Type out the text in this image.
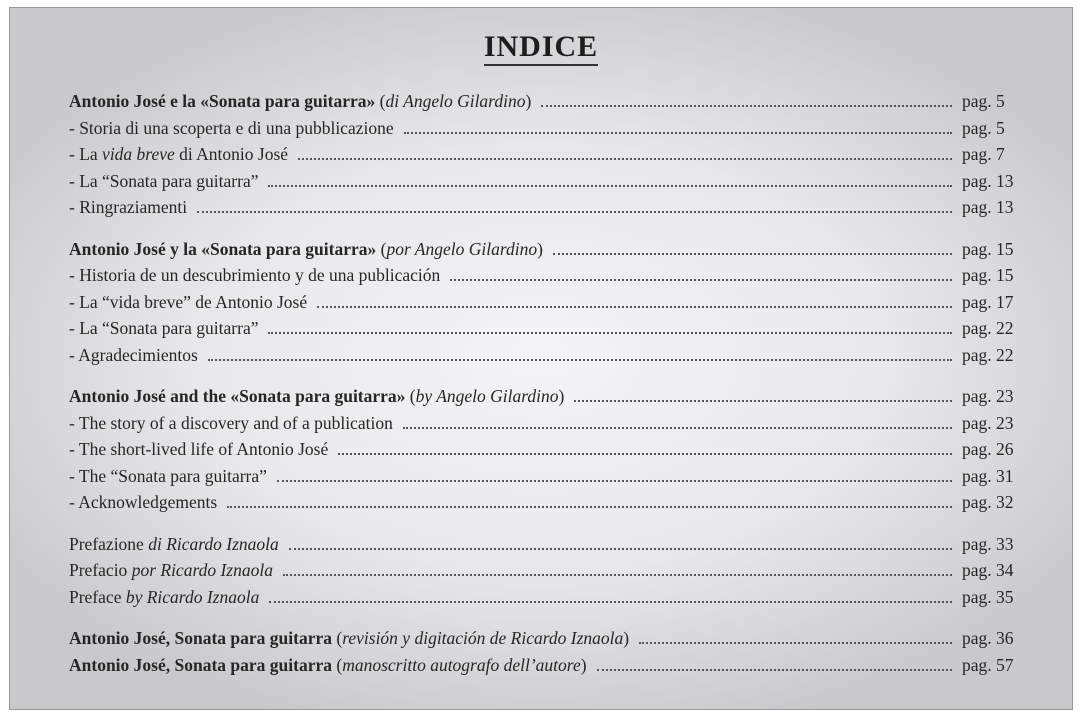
INDICE
Antonio José e la «Sonata para guitarra» (di Angelo Gilardino)	pag. 5
- Storia di una scoperta e di una pubblicazione	pag. 5
- La vida breve di Antonio José	pag. 7
- La “Sonata para guitarra”	pag. 13
- Ringraziamenti	pag. 13
Antonio José y la «Sonata para guitarra» (por Angelo Gilardino)	pag. 15
- Historia de un descubrimiento y de una publicación	pag. 15
- La “vida breve” de Antonio José	pag. 17
- La “Sonata para guitarra”	pag. 22
- Agradecimientos	pag. 22
Antonio José and the «Sonata para guitarra» (by Angelo Gilardino)	pag. 23
- The story of a discovery and of a publication	pag. 23
- The short-lived life of Antonio José	pag. 26
- The “Sonata para guitarra”	pag. 31
- Acknowledgements	pag. 32
Prefazione di Ricardo Iznaola	pag. 33
Prefacio por Ricardo Iznaola	pag. 34
Preface by Ricardo Iznaola	pag. 35
Antonio José, Sonata para guitarra (revisión y digitación de Ricardo Iznaola)	pag. 36
Antonio José, Sonata para guitarra (manoscritto autografo dell’autore)	pag. 57
